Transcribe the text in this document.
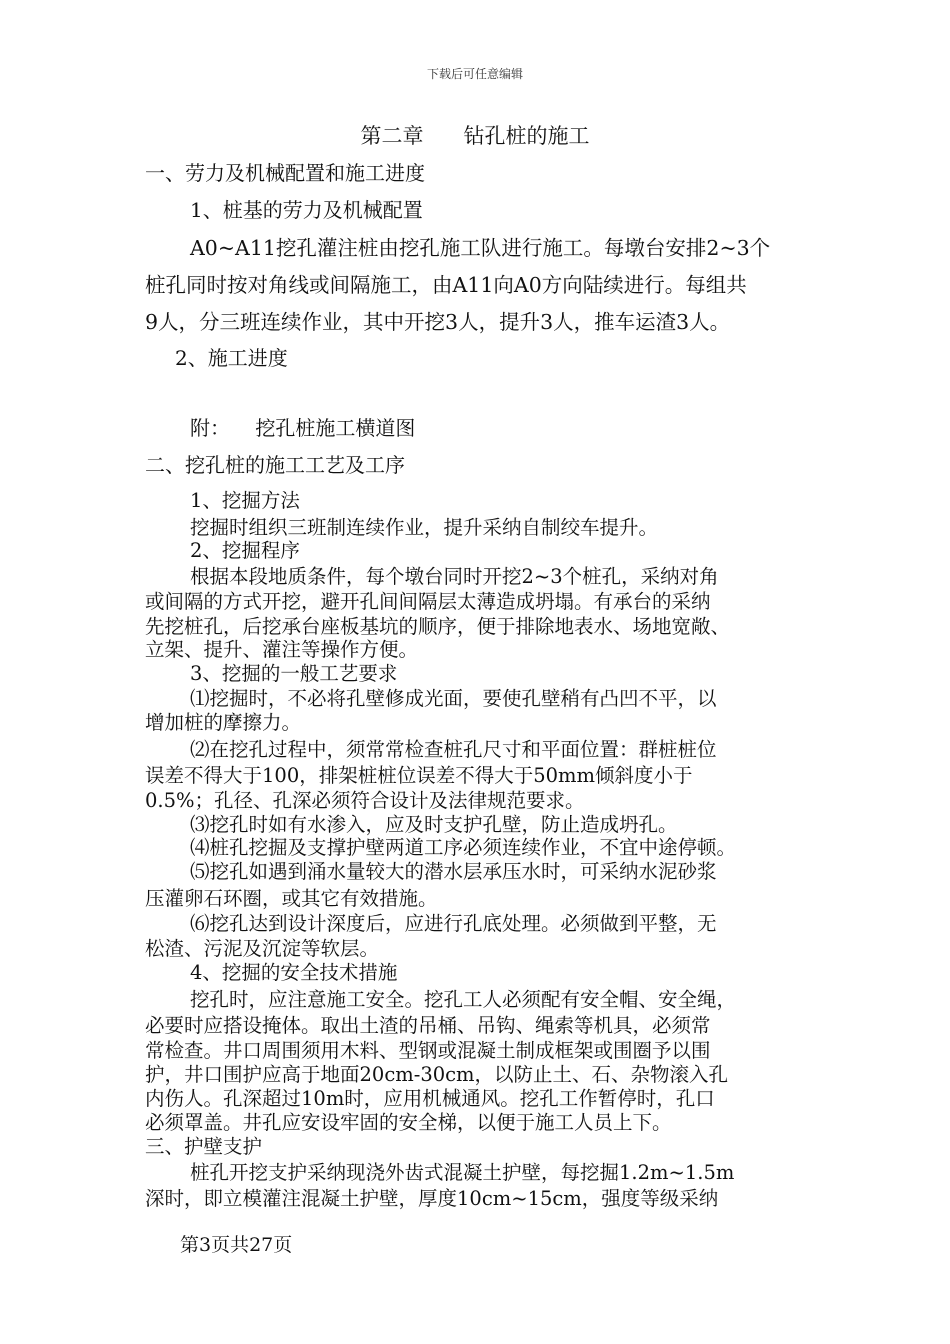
下载后可任意编辑
第二章 钻孔桩的施工
一、劳力及机械配置和施工进度
1、桩基的劳力及机械配置
A0~A11挖孔灌注桩由挖孔施工队进行施工。每墩台安排2~3个
桩孔同时按对角线或间隔施工，由A11向A0方向陆续进行。每组共
9人，分三班连续作业，其中开挖3人，提升3人，推车运渣3人。
2、施工进度
附：    挖孔桩施工横道图
二、挖孔桩的施工工艺及工序
1、挖掘方法
挖掘时组织三班制连续作业，提升采纳自制绞车提升。
2、挖掘程序
根据本段地质条件，每个墩台同时开挖2~3个桩孔，采纳对角
或间隔的方式开挖，避开孔间间隔层太薄造成坍塌。有承台的采纳
先挖桩孔，后挖承台座板基坑的顺序，便于排除地表水、场地宽敞、
立架、提升、灌注等操作方便。
3、挖掘的一般工艺要求
⑴挖掘时，不必将孔壁修成光面，要使孔壁稍有凸凹不平，以
增加桩的摩擦力。
⑵在挖孔过程中，须常常检查桩孔尺寸和平面位置：群桩桩位
误差不得大于100，排架桩桩位误差不得大于50mm倾斜度小于
0.5%；孔径、孔深必须符合设计及法律规范要求。
⑶挖孔时如有水渗入，应及时支护孔壁，防止造成坍孔。
⑷桩孔挖掘及支撑护壁两道工序必须连续作业，不宜中途停顿。
⑸挖孔如遇到涌水量较大的潜水层承压水时，可采纳水泥砂浆
压灌卵石环圈，或其它有效措施。
⑹挖孔达到设计深度后，应进行孔底处理。必须做到平整，无
松渣、污泥及沉淀等软层。
4、挖掘的安全技术措施
挖孔时，应注意施工安全。挖孔工人必须配有安全帽、安全绳，
必要时应搭设掩体。取出土渣的吊桶、吊钩、绳索等机具，必须常
常检查。井口周围须用木料、型钢或混凝土制成框架或围圈予以围
护，井口围护应高于地面20cm-30cm，以防止土、石、杂物滚入孔
内伤人。孔深超过10m时，应用机械通风。挖孔工作暂停时，孔口
必须罩盖。井孔应安设牢固的安全梯，以便于施工人员上下。
三、护壁支护
桩孔开挖支护采纳现浇外齿式混凝土护壁，每挖掘1.2m~1.5m
深时，即立模灌注混凝土护壁，厚度10cm~15cm，强度等级采纳
第3页共27页
